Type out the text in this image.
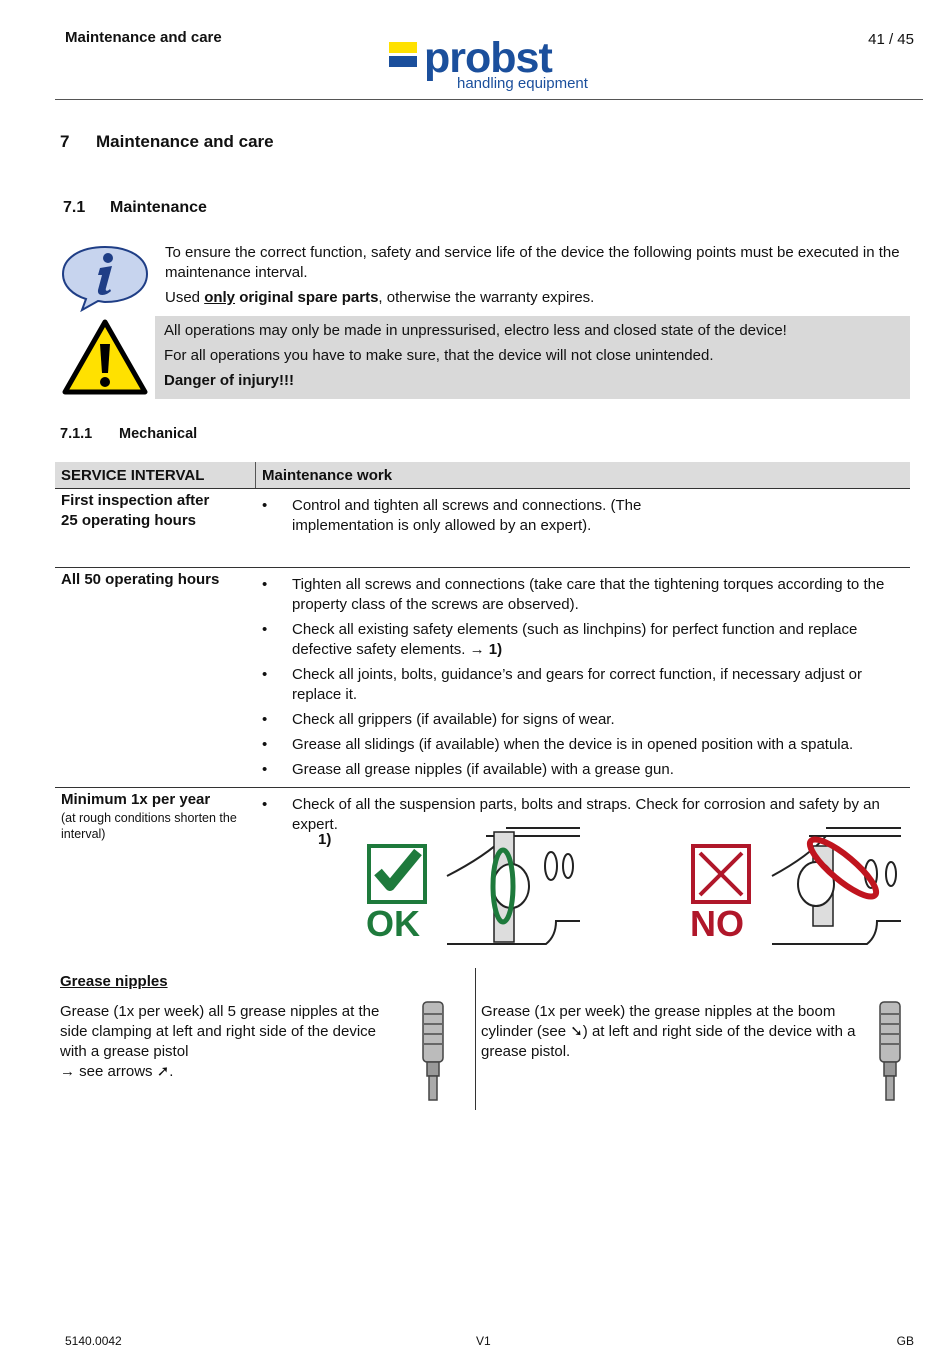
Maintenance and care	41 / 45
probst
handling equipment
7 Maintenance and care
7.1 Maintenance

To ensure the correct function, safety and service life of the device the following points must be executed in the maintenance interval.

Used only original spare parts, otherwise the warranty expires.

All operations may only be made in unpressurised, electro less and closed state of the device!

For all operations you have to make sure, that the device will not close unintended.

Danger of injury!!!

7.1.1 Mechanical
SERVICE INTERVAL	Maintenance work
First inspection after 25 operating hours
• Control and tighten all screws and connections. (The implementation is only allowed by an expert).
All 50 operating hours
•	Tighten all screws and connections (take care that the tightening torques according to the property class of the screws are observed).
• Check all existing safety elements (such as linchpins) for perfect function and replace defective safety elements. → 1)
• Check all joints, bolts, guidance’s and gears for correct function, if necessary adjust or replace it.
• Check all grippers (if available) for signs of wear.
• Grease all slidings (if available) when the device is in opened position with a spatula.
• Grease all grease nipples (if available) with a grease gun.
Minimum 1x per year
(at rough conditions shorten the interval)
• Check of all the suspension parts, bolts and straps. Check for corrosion and safety by an expert.
1)
OK	NO
Grease nipples

Grease (1x per week) all 5 grease nipples at the side clamping at left and right side of the device with a grease pistol

→ see arrows ➚.

Grease (1x per week) the grease nipples at the boom cylinder (see ➘) at left and right side of the device with a grease pistol.

5140.0042	V1	GB
